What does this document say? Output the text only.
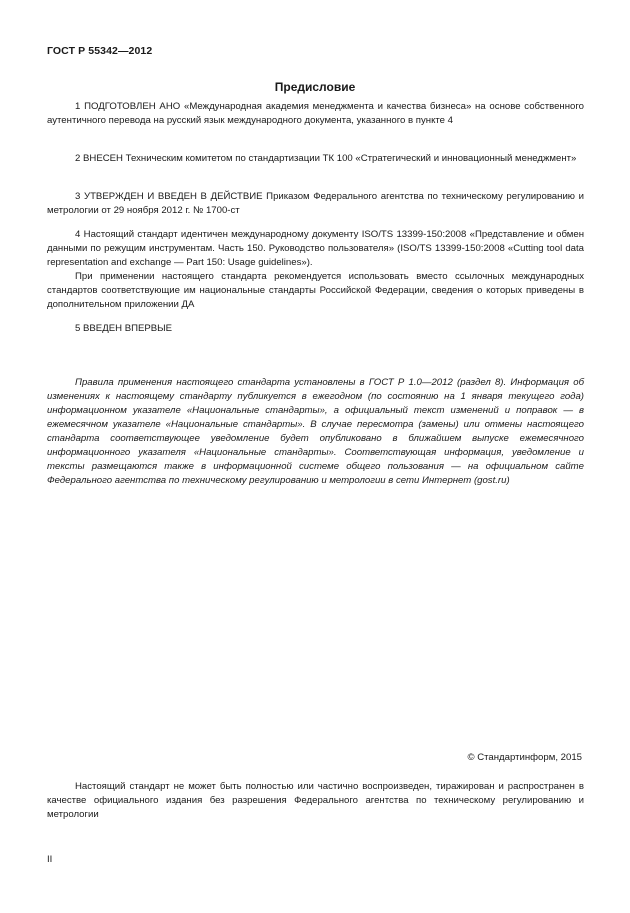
ГОСТ Р 55342—2012
Предисловие

1 ПОДГОТОВЛЕН АНО «Международная академия менеджмента и качества бизнеса» на основе собственного аутентичного перевода на русский язык международного документа, указанного в пункте 4

2 ВНЕСЕН Техническим комитетом по стандартизации ТК 100 «Стратегический и инновационный менеджмент»

3 УТВЕРЖДЕН И ВВЕДЕН В ДЕЙСТВИЕ Приказом Федерального агентства по техническому регулированию и метрологии от 29 ноября 2012 г. № 1700-ст

4 Настоящий стандарт идентичен международному документу ISO/TS 13399-150:2008 «Представление и обмен данными по режущим инструментам. Часть 150. Руководство пользователя» (ISO/TS 13399-150:2008 «Cutting tool data representation and exchange — Part 150: Usage guidelines»).

При применении настоящего стандарта рекомендуется использовать вместо ссылочных международных стандартов соответствующие им национальные стандарты Российской Федерации, сведения о которых приведены в дополнительном приложении ДА

5 ВВЕДЕН ВПЕРВЫЕ

Правила применения настоящего стандарта установлены в ГОСТ Р 1.0—2012 (раздел 8). Информация об изменениях к настоящему стандарту публикуется в ежегодном (по состоянию на 1 января текущего года) информационном указателе «Национальные стандарты», а официальный текст изменений и поправок — в ежемесячном указателе «Национальные стандарты». В случае пересмотра (замены) или отмены настоящего стандарта соответствующее уведомление будет опубликовано в ближайшем выпуске ежемесячного информационного указателя «Национальные стандарты». Соответствующая информация, уведомление и тексты размещаются также в информационной системе общего пользования — на официальном сайте Федерального агентства по техническому регулированию и метрологии в сети Интернет (gost.ru)
© Стандартинформ, 2015

Настоящий стандарт не может быть полностью или частично воспроизведен, тиражирован и распространен в качестве официального издания без разрешения Федерального агентства по техническому регулированию и метрологии

II
